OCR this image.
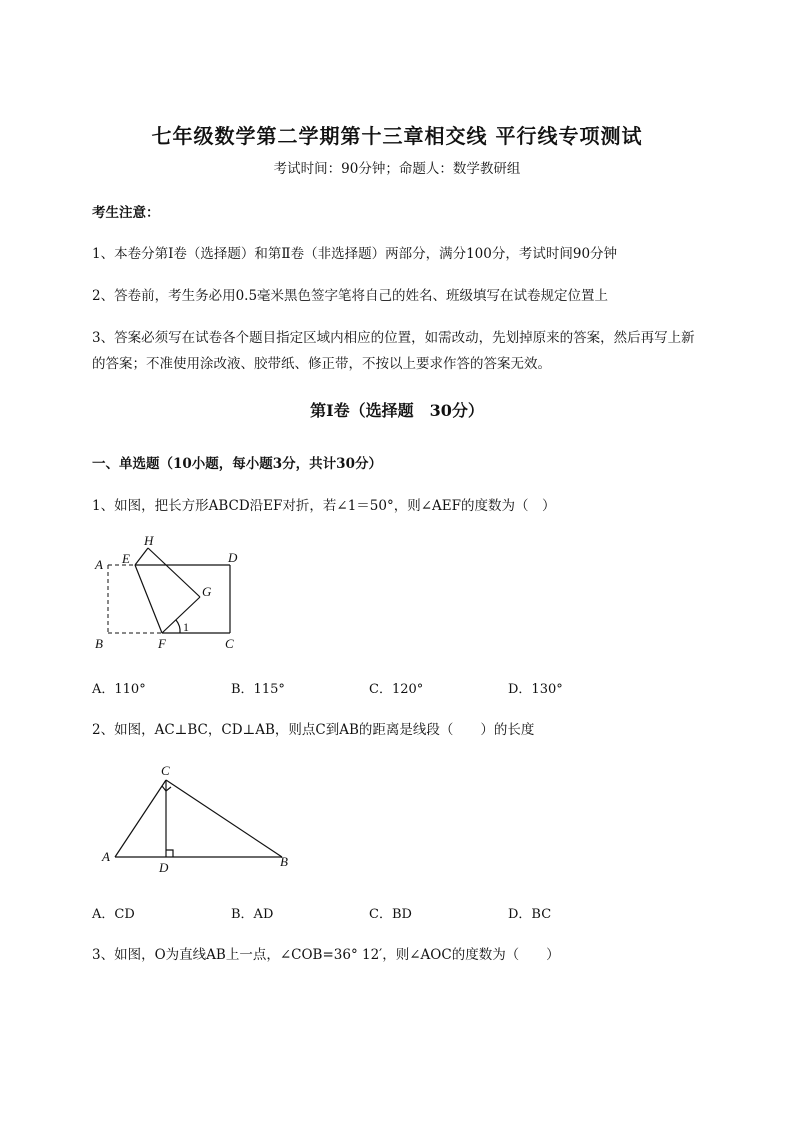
七年级数学第二学期第十三章相交线 平行线专项测试
考试时间：90分钟；命题人：数学教研组
考生注意：
1、本卷分第I卷（选择题）和第Ⅱ卷（非选择题）两部分，满分100分，考试时间90分钟
2、答卷前，考生务必用0.5毫米黑色签字笔将自己的姓名、班级填写在试卷规定位置上
3、答案必须写在试卷各个题目指定区域内相应的位置，如需改动，先划掉原来的答案，然后再写上新
的答案；不准使用涂改液、胶带纸、修正带，不按以上要求作答的答案无效。
第I卷（选择题　30分）
一、单选题（10小题，每小题3分，共计30分）
1、如图，把长方形ABCD沿EF对折，若∠1＝50°，则∠AEF的度数为（　）
A E
H
D
G
B	F	C
1
A．110°	B．115°	C．120°	D．130°
2、如图，AC⊥BC，CD⊥AB，则点C到AB的距离是线段（　　）的长度
C
A
D	B
A．CD	B．AD	C．BD	D．BC
3、如图，O为直线AB上一点，∠COB=36° 12′，则∠AOC的度数为（　　）
